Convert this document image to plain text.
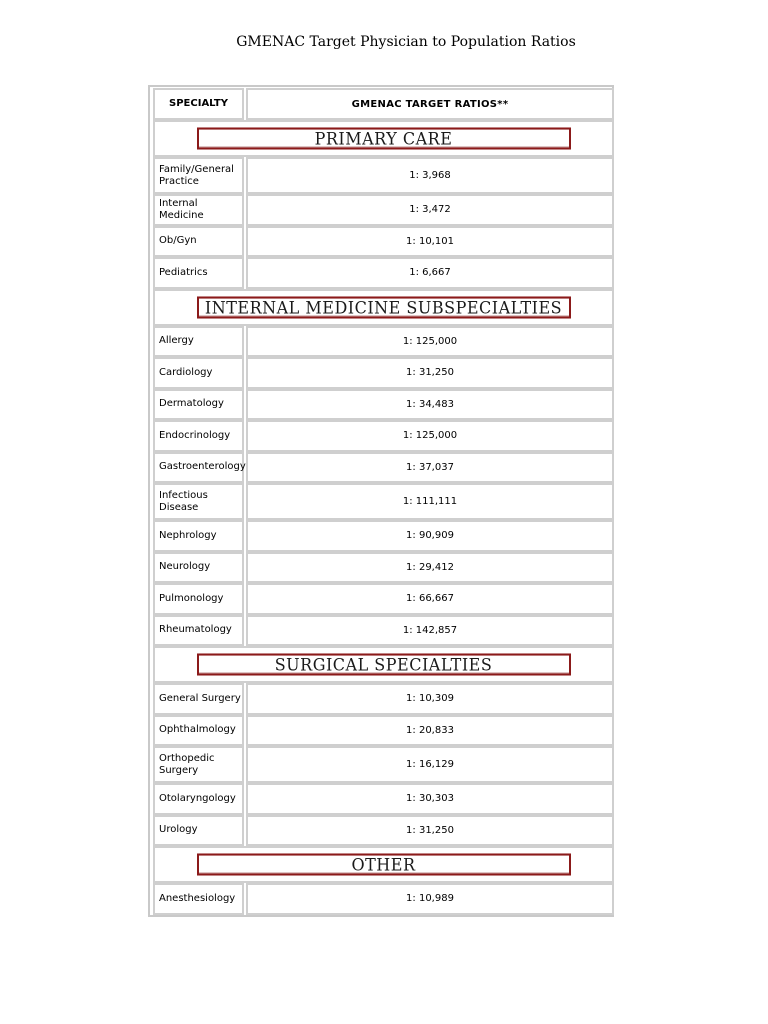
GMENAC Target Physician to Population Ratios
SPECIALTY	GMENAC TARGET RATIOS**
PRIMARY CARE
Family/General Practice	1: 3,968
Internal Medicine	1: 3,472
Ob/Gyn	1: 10,101
Pediatrics	1: 6,667
INTERNAL MEDICINE SUBSPECIALTIES
Allergy	1: 125,000
Cardiology	1: 31,250
Dermatology	1: 34,483
Endocrinology	1: 125,000
Gastroenterology	1: 37,037
Infectious Disease	1: 111,111
Nephrology	1: 90,909
Neurology	1: 29,412
Pulmonology	1: 66,667
Rheumatology	1: 142,857
SURGICAL SPECIALTIES
General Surgery	1: 10,309
Ophthalmology	1: 20,833
Orthopedic Surgery	1: 16,129
Otolaryngology	1: 30,303
Urology	1: 31,250
OTHER
Anesthesiology	1: 10,989
